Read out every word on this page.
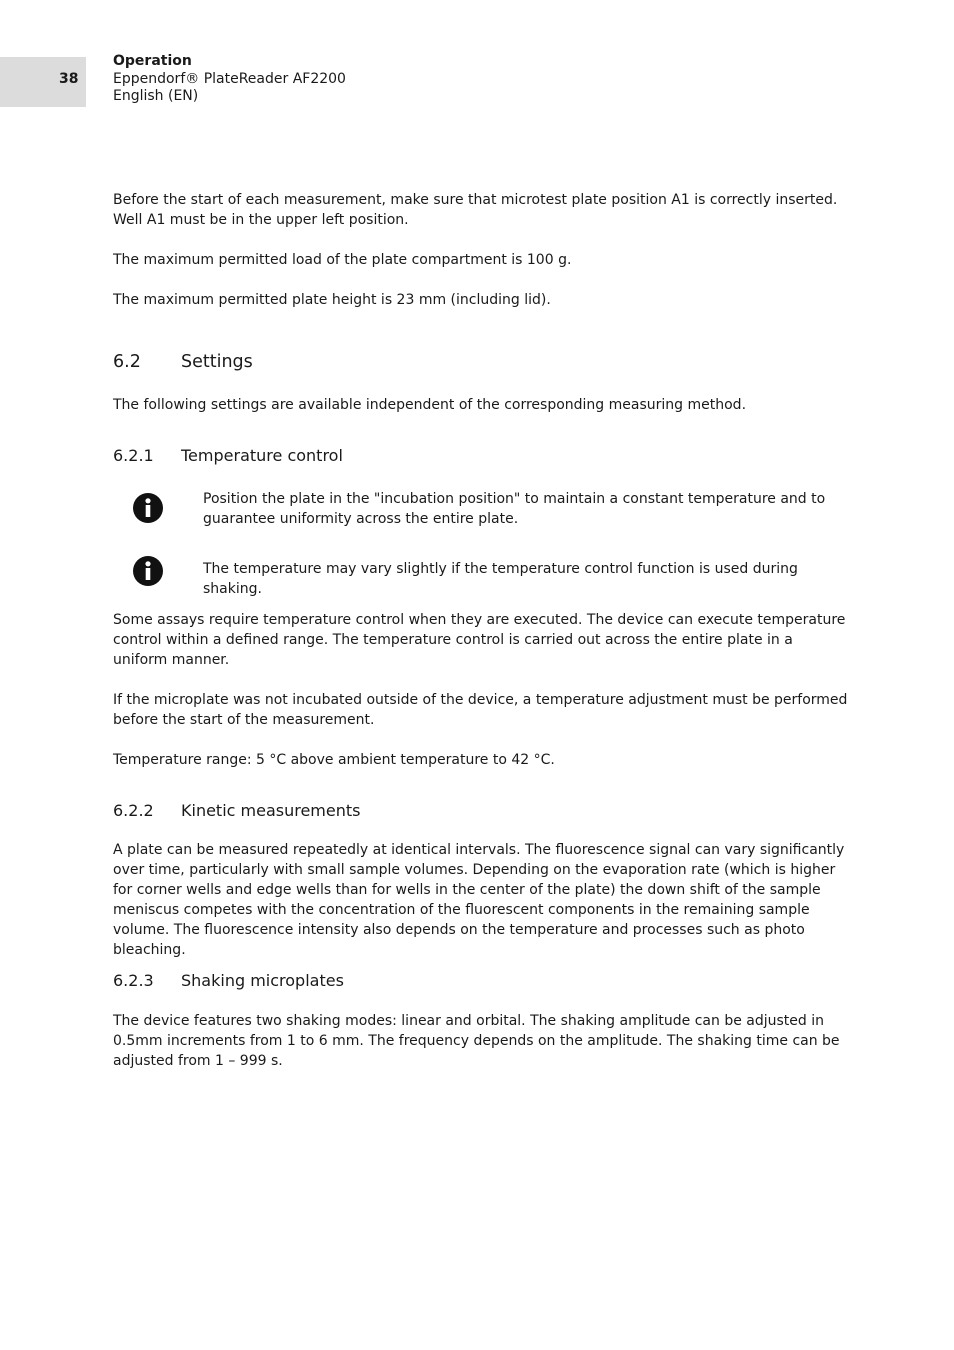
38
Operation
Eppendorf® PlateReader AF2200
English (EN)

Before the start of each measurement, make sure that microtest plate position A1 is correctly inserted. Well A1 must be in the upper left position.

The maximum permitted load of the plate compartment is 100 g.

The maximum permitted plate height is 23 mm (including lid).

6.2 Settings

The following settings are available independent of the corresponding measuring method.

6.2.1 Temperature control

Position the plate in the "incubation position" to maintain a constant temperature and to guarantee uniformity across the entire plate.

The temperature may vary slightly if the temperature control function is used during shaking.

Some assays require temperature control when they are executed. The device can execute temperature control within a defined range. The temperature control is carried out across the entire plate in a uniform manner.

If the microplate was not incubated outside of the device, a temperature adjustment must be performed before the start of the measurement.

Temperature range: 5 °C above ambient temperature to 42 °C.

6.2.2 Kinetic measurements

A plate can be measured repeatedly at identical intervals. The fluorescence signal can vary significantly over time, particularly with small sample volumes. Depending on the evaporation rate (which is higher for corner wells and edge wells than for wells in the center of the plate) the down shift of the sample meniscus competes with the concentration of the fluorescent components in the remaining sample volume. The fluorescence intensity also depends on the temperature and processes such as photo bleaching.

6.2.3 Shaking microplates

The device features two shaking modes: linear and orbital. The shaking amplitude can be adjusted in 0.5mm increments from 1 to 6 mm. The frequency depends on the amplitude. The shaking time can be adjusted from 1 – 999 s.
